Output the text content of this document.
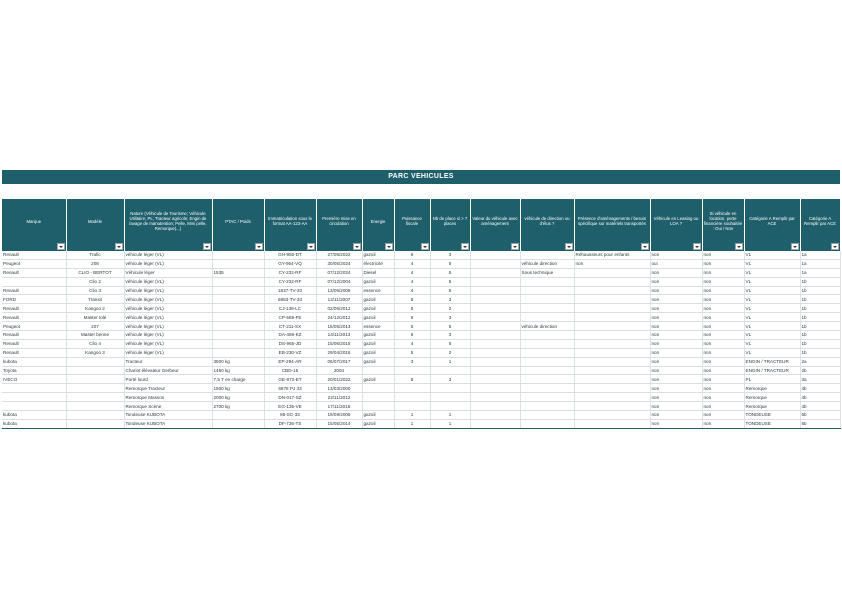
PARC VEHICULES
Marque	Modèle	Nature (Véhicule de Tourisme; Véhicule Utilitaire; PL; Tracteur agricole; Engin de lavage de manutention; Pelle, Mini pelle, Remorque(...)	PTAC / Poids	Immatriculation sous le format AA-123-AA	Première mise en circulation	Energie	Puissance fiscale	Nb de place si > 7 places	Valeur du véhicule avec aménagement	véhicule de direction ou d'élus ?	Présence d'aménagements / besoin spécifique sur matériels transportés	Véhicule en Leasing ou LOA ?	Si véhicule en location, perte financière souhaitée : Oui / Non	Catégorie A Remplir par ACE	Catégorie A Remplir par ACE

Renault	Trafic	véhicule léger (VL)		GH-950-DT	27/06/2022	gazoil	6	3			Réhausseurs pour enfants	non	non	VL	1a
Peugeot	208	véhicule léger (VL)		GY-954-VQ	30/05/2024	électricité	4	5		véhicule direction	non	oui	non	VL	1a
Renault	CLIO - BERTOT	Véhicule léger	1535	CY-232-RF	07/12/2024	Diesel	4	5		Sous technique		non	non	VL	1a
	Clio 2	véhicule léger (VL)		CY-232-RF	07/12/2004	gazoil	4	5				non	non	VL	1b
Renault	Clio 3	véhicule léger (VL)		1837-TV-33	13/06/2008	essence	4	5				non	non	VL	1b
FORD	Transit	véhicule léger (VL)		6883-TV-33	12/11/2007	gazoil	8	3				non	non	VL	1b
Renault	Kangoo 2	véhicule léger (VL)		CJ-139-LC	02/06/2012	gazoil	5	2				non	non	VL	1b
Renault	Master tolé	véhicule léger (VL)		CP-589-FE	24/12/2012	gazoil	6	3				non	non	VL	1b
Peugeot	207	véhicule léger (VL)		CT-211-SX	15/05/2013	essence	5	5		véhicule direction		non	non	VL	1b
Renault	Master benne	véhicule léger (VL)		DA-469-KZ	14/11/2013	gazoil	6	3				non	non	VL	1b
Renault	Clio 4	véhicule léger (VL)		DS-965-JD	15/06/2015	gazoil	4	5				non	non	VL	1b
Renault	Kangoo 3	véhicule léger (VL)		EB-230-VZ	29/04/2016	gazoil	5	2				non	non	VL	1b
kubota		Tracteur	3500 kg	EP-294-AR	06/07/2017	gazoil	3	1				non	non	ENGIN / TRACTEUR	2a
Toyota		Chariot élévateur Gerbeur	1450 kg	CBD-15	2004							non	non	ENGIN / TRACTEUR	2b
IVECO		Porté lourd	7,5 T en charge	GE-872-ET	20/01/2022	gazoil	8	3				non	non	PL	3a
		Remorque Tracteur	1500 kg	6878 PJ 33	13/03/2000							non	non	Remorque	4b
		Remorque Masson	2000 kg	DN-017-SZ	22/11/2012							non	non	Remorque	4b
		Remorque Scène	2700 kg	EG-135-VE	17/11/2016							non	non	Remorque	4b
kubota		Tondeuse KUBOTA		86-SC-33	19/09/2005	gazoil	1	1				non	non	TONDEUSE	5b
kubota		Tondeuse KUBOTA		DF-736-TS	15/05/2014	gazoil	1	1				non	non	TONDEUSE	5b
